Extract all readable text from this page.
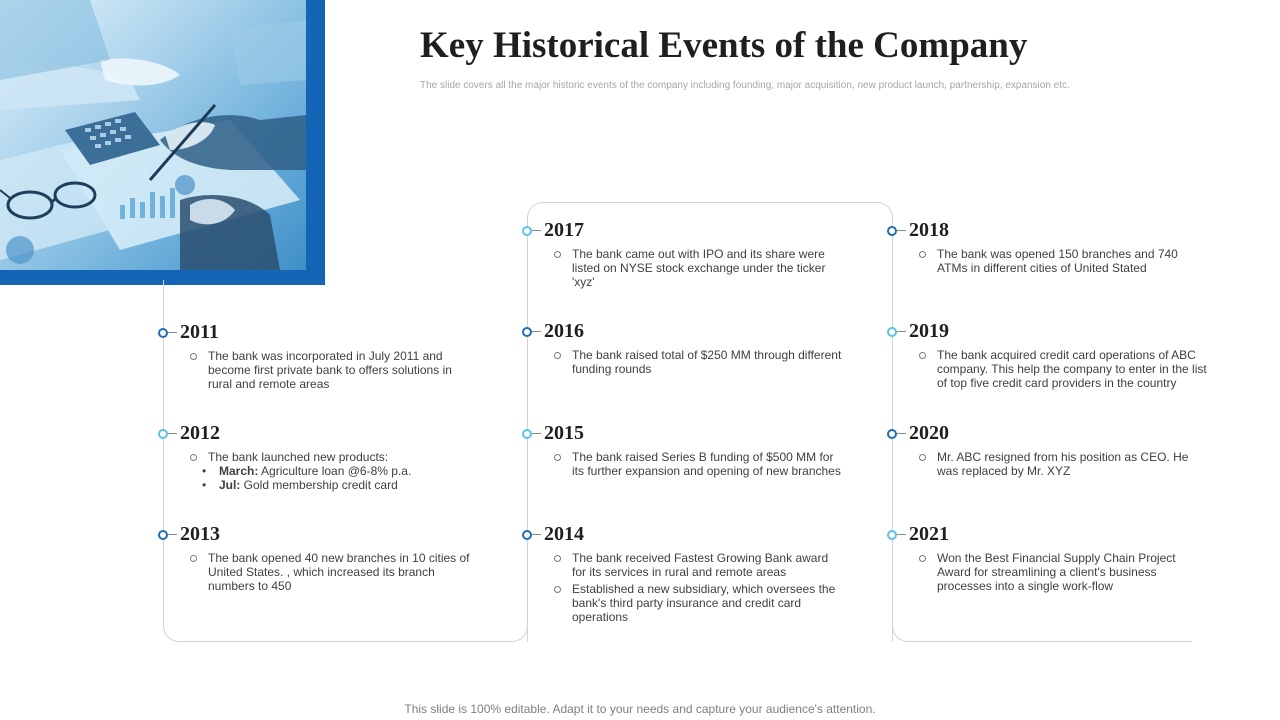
Key Historical Events of the Company

The slide covers all the major historic events of the company including founding, major acquisition, new product launch, partnership, expansion etc.

2011
The bank was incorporated in July 2011 and become first private bank to offers solutions in rural and remote areas
2012
The bank launched new products:
• March: Agriculture loan @6-8% p.a.
• Jul: Gold membership credit card
2013
The bank opened 40 new branches in 10 cities of United States. , which increased its branch numbers to 450
2017
The bank came out with IPO and its share were listed on NYSE stock exchange under the ticker 'xyz'
2016
The bank raised total of $250 MM through different funding rounds
2015
The bank raised Series B funding of $500 MM for its further expansion and opening of new branches
2014
The bank received Fastest Growing Bank award for its services in rural and remote areas
Established a new subsidiary, which oversees the bank's third party insurance and credit card operations
2018
The bank was opened 150 branches and 740 ATMs in different cities of United Stated
2019
The bank acquired credit card operations of ABC company. This help the company to enter in the list of top five credit card providers in the country
2020
Mr. ABC resigned from his position as CEO. He was replaced by Mr. XYZ
2021
Won the Best Financial Supply Chain Project Award for streamlining a client's business processes into a single work-flow

This slide is 100% editable. Adapt it to your needs and capture your audience's attention.
